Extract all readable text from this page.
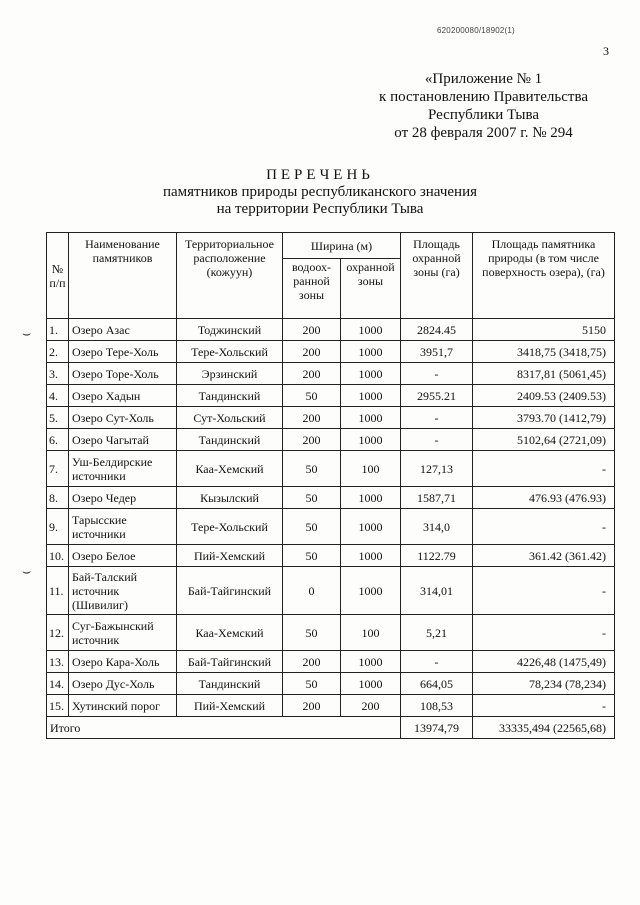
620200080/18902(1)
3
«Приложение № 1
к постановлению Правительства
Республики Тыва
от 28 февраля 2007 г. № 294
ПЕРЕЧЕНЬ
памятников природы республиканского значения
на территории Республики Тыва
⌣
⌣
№ п/п	Наименование памятников	Территориальное расположение (кожуун)	Ширина (м)		Площадь охранной зоны (га)	Площадь памятника природы (в том числе поверхность озера), (га)
			водоох-ранной зоны	охранной зоны		
1.	Озеро Азас	Тоджинский	200	1000	2824.45	5150
2.	Озеро Тере-Холь	Тере-Хольский	200	1000	3951,7	3418,75 (3418,75)
3.	Озеро Торе-Холь	Эрзинский	200	1000	-	8317,81 (5061,45)
4.	Озеро Хадын	Тандинский	50	1000	2955.21	2409.53 (2409.53)
5.	Озеро Сут-Холь	Сут-Хольский	200	1000	-	3793.70 (1412,79)
6.	Озеро Чагытай	Тандинский	200	1000	-	5102,64 (2721,09)
7.	Уш-Белдирские источники	Каа-Хемский	50	100	127,13	-
8.	Озеро Чедер	Кызылский	50	1000	1587,71	476.93 (476.93)
9.	Тарысские источники	Тере-Хольский	50	1000	314,0	-
10.	Озеро Белое	Пий-Хемский	50	1000	1122.79	361.42 (361.42)
11.	Бай-Талский источник (Шивилиг)	Бай-Тайгинский	0	1000	314,01	-
12.	Суг-Бажынский источник	Каа-Хемский	50	100	5,21	-
13.	Озеро Кара-Холь	Бай-Тайгинский	200	1000	-	4226,48 (1475,49)
14.	Озеро Дус-Холь	Тандинский	50	1000	664,05	78,234 (78,234)
15.	Хутинский порог	Пий-Хемский	200	200	108,53	-
Итого					13974,79	33335,494 (22565,68)
